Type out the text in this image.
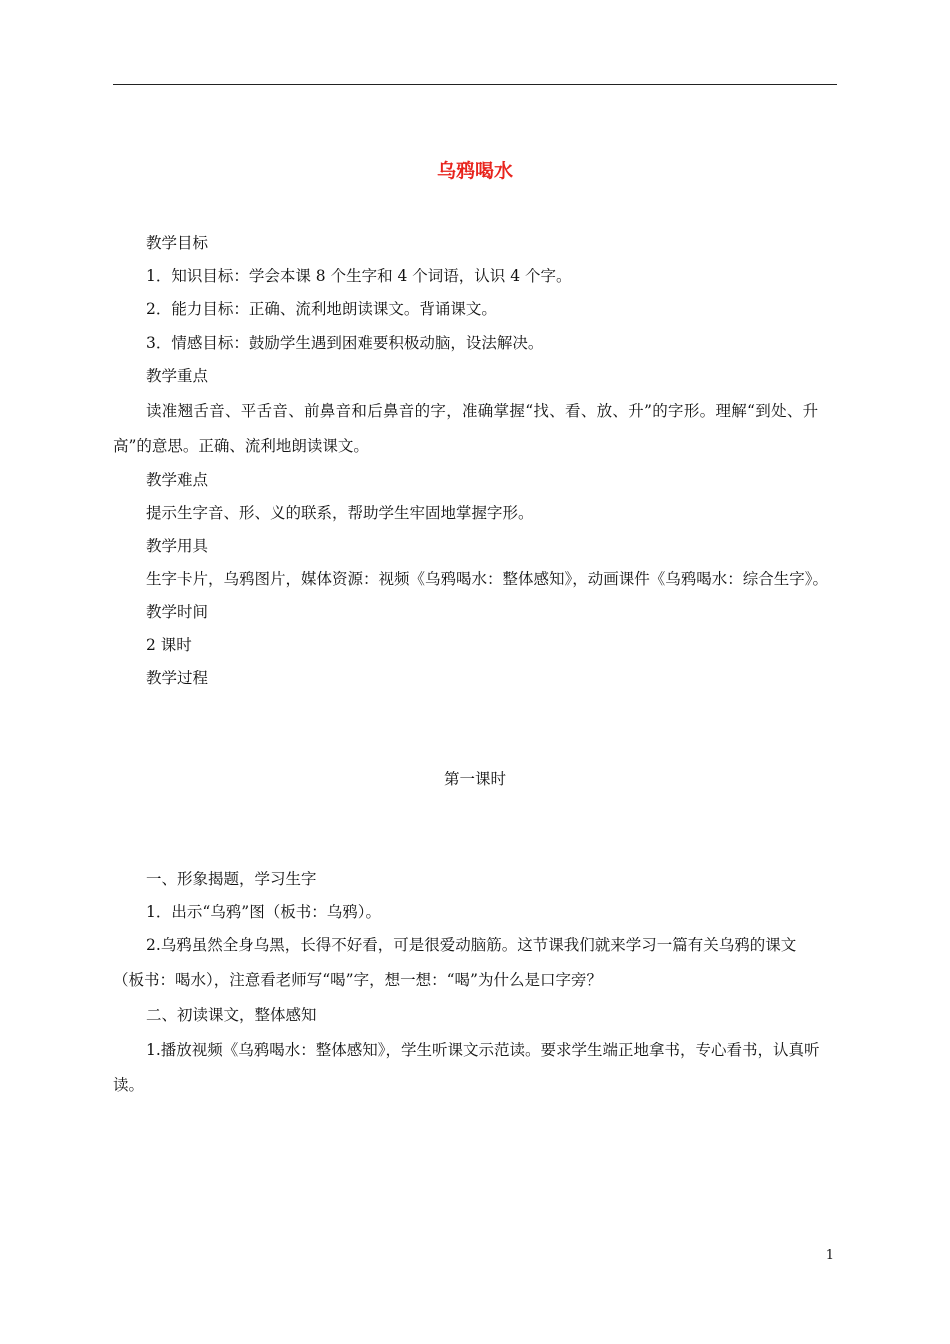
乌鸦喝水
教学目标
1．知识目标：学会本课 8 个生字和 4 个词语，认识 4 个字。
2．能力目标：正确、流利地朗读课文。背诵课文。
3．情感目标：鼓励学生遇到困难要积极动脑，设法解决。
教学重点
读准翘舌音、平舌音、前鼻音和后鼻音的字，准确掌握“找、看、放、升”的字形。理解“到处、升
高”的意思。正确、流利地朗读课文。
教学难点
提示生字音、形、义的联系，帮助学生牢固地掌握字形。
教学用具
生字卡片，乌鸦图片，媒体资源：视频《乌鸦喝水：整体感知》，动画课件《乌鸦喝水：综合生字》。
教学时间
2 课时
教学过程
第一课时
一、形象揭题，学习生字
1．出示“乌鸦”图（板书：乌鸦）。
2.乌鸦虽然全身乌黑，长得不好看，可是很爱动脑筋。这节课我们就来学习一篇有关乌鸦的课文
（板书：喝水），注意看老师写“喝”字，想一想：“喝”为什么是口字旁？
二、初读课文，整体感知
1.播放视频《乌鸦喝水：整体感知》，学生听课文示范读。要求学生端正地拿书，专心看书，认真听
读。
1
